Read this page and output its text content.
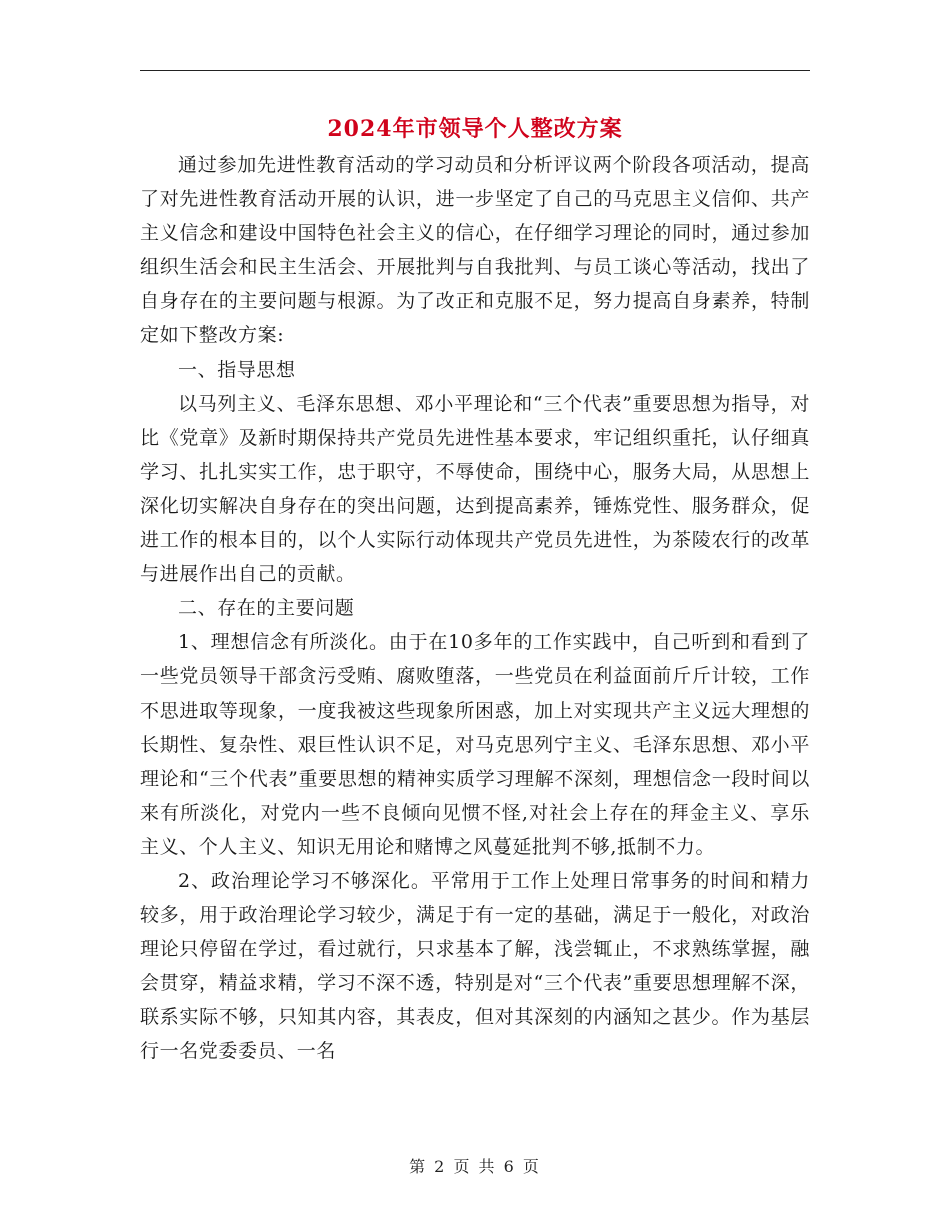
2024年市领导个人整改方案

通过参加先进性教育活动的学习动员和分析评议两个阶段各项活动，提高了对先进性教育活动开展的认识，进一步坚定了自己的马克思主义信仰、共产主义信念和建设中国特色社会主义的信心，在仔细学习理论的同时，通过参加组织生活会和民主生活会、开展批判与自我批判、与员工谈心等活动，找出了自身存在的主要问题与根源。为了改正和克服不足，努力提高自身素养，特制定如下整改方案:

一、指导思想

以马列主义、毛泽东思想、邓小平理论和“三个代表”重要思想为指导，对比《党章》及新时期保持共产党员先进性基本要求，牢记组织重托，认仔细真学习、扎扎实实工作，忠于职守，不辱使命，围绕中心，服务大局，从思想上深化切实解决自身存在的突出问题，达到提高素养，锤炼党性、服务群众，促进工作的根本目的，以个人实际行动体现共产党员先进性，为茶陵农行的改革与进展作出自己的贡献。

二、存在的主要问题

1、理想信念有所淡化。由于在10多年的工作实践中，自己听到和看到了一些党员领导干部贪污受贿、腐败堕落，一些党员在利益面前斤斤计较，工作不思进取等现象，一度我被这些现象所困惑，加上对实现共产主义远大理想的长期性、复杂性、艰巨性认识不足，对马克思列宁主义、毛泽东思想、邓小平理论和“三个代表”重要思想的精神实质学习理解不深刻，理想信念一段时间以来有所淡化，对党内一些不良倾向见惯不怪,对社会上存在的拜金主义、享乐主义、个人主义、知识无用论和赌博之风蔓延批判不够,抵制不力。

2、政治理论学习不够深化。平常用于工作上处理日常事务的时间和精力较多，用于政治理论学习较少，满足于有一定的基础，满足于一般化，对政治理论只停留在学过，看过就行，只求基本了解，浅尝辄止，不求熟练掌握，融会贯穿，精益求精，学习不深不透，特别是对“三个代表”重要思想理解不深，联系实际不够，只知其内容，其表皮，但对其深刻的内涵知之甚少。作为基层行一名党委委员、一名

第 2 页 共 6 页
